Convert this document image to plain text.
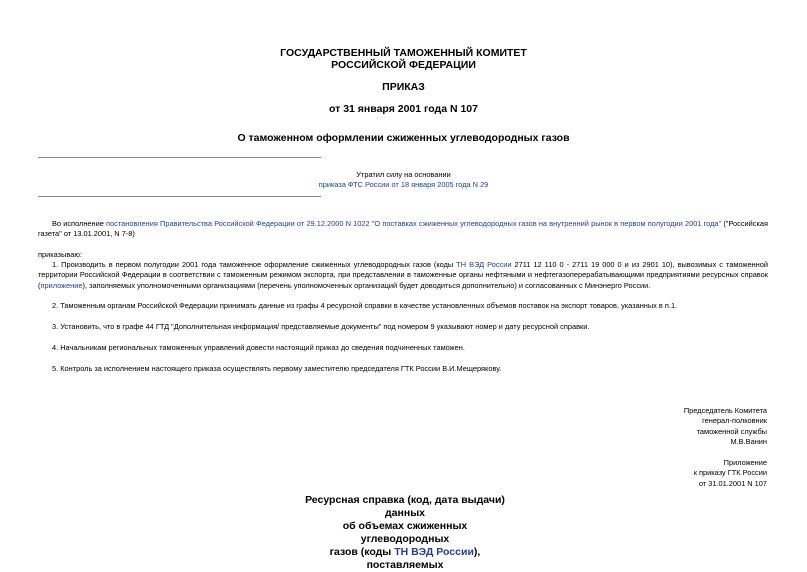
ГОСУДАРСТВЕННЫЙ ТАМОЖЕННЫЙ КОМИТЕТ
РОССИЙСКОЙ ФЕДЕРАЦИИ
ПРИКАЗ
от 31 января 2001 года N 107
О таможенном оформлении сжиженных углеводородных газов
Утратил силу на основании
приказа ФТС России от 18 января 2005 года N 29
Во исполнение постановления Правительства Российской Федерации от 29.12.2000 N 1022 "О поставках сжиженных углеводородных газов на внутренний рынок в первом полугодии 2001 года" ("Российская газета" от 13.01.2001, N 7-8)
приказываю:
1. Производить в первом полугодии 2001 года таможенное оформление сжиженных углеводородных газов (коды ТН ВЭД России 2711 12 110 0 - 2711 19 000 0 и из 2901 10), вывозимых с таможенной территории Российской Федерации в соответствии с таможенным режимом экспорта, при представлении в таможенные органы нефтяными и нефтегазоперерабатывающими предприятиями ресурсных справок (приложение), заполняемых уполномоченными организациями (перечень уполномоченных организаций будет доводиться дополнительно) и согласованных с Минэнерго России.
2. Таможенным органам Российской Федерации принимать данные из графы 4 ресурсной справки в качестве установленных объемов поставок на экспорт товаров, указанных в п.1.
3. Установить, что в графе 44 ГТД "Дополнительная информация/ представляемые документы" под номером 9 указывают номер и дату ресурсной справки.
4. Начальникам региональных таможенных управлений довести настоящий приказ до сведения подчиненных таможен.
5. Контроль за исполнением настоящего приказа осуществлять первому заместителю председателя ГТК России В.И.Мещерякову.
Председатель Комитета
генерал-полковник
таможенной службы
М.В.Ванин
Приложение
к приказу ГТК России
от 31.01.2001 N 107
Ресурсная справка (код, дата выдачи) данных
об объемах сжиженных углеводородных
газов (коды ТН ВЭД России), поставляемых
